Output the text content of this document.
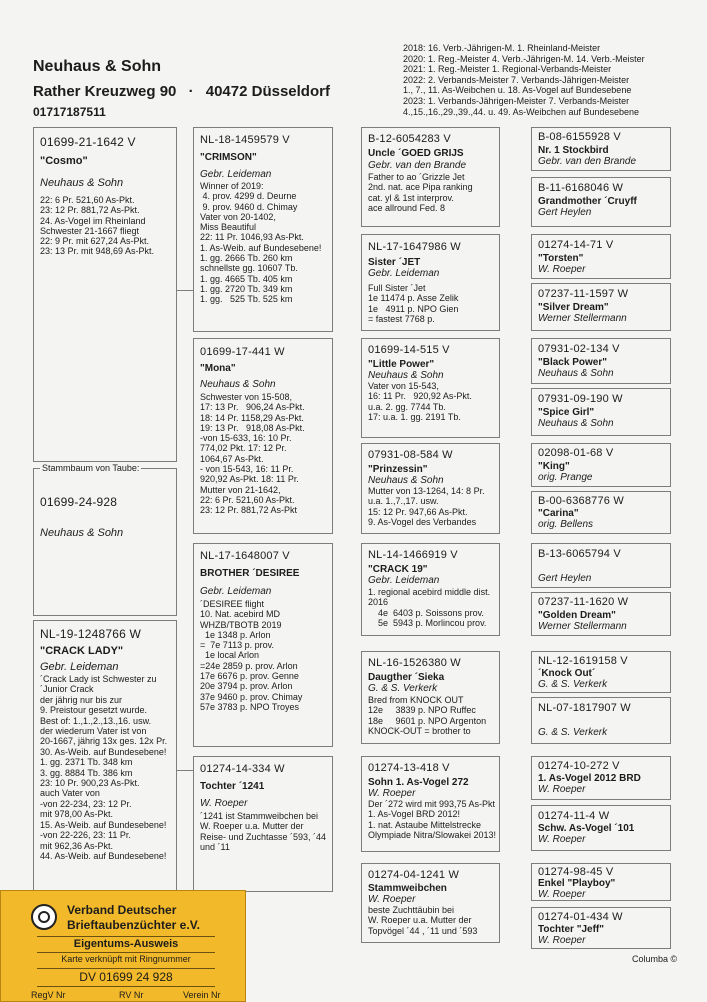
Neuhaus & Sohn
Rather Kreuzweg 90 · 40472 Düsseldorf
01717187511
2018: 16. Verb.-Jährigen-M. 1. Rheinland-Meister
2020: 1. Reg.-Meister 4. Verb.-Jährigen-M. 14. Verb.-Meister
2021: 1. Reg.-Meister 1. Regional-Verbands-Meister
2022: 2. Verbands-Meister 7. Verbands-Jährigen-Meister
1., 7., 11. As-Weibchen u. 18. As-Vogel auf Bundesebene
2023: 1. Verbands-Jährigen-Meister 7. Verbands-Meister
4.,15.,16.,29.,39.,44. u. 49. As-Weibchen auf Bundesebene
01699-21-1642 V
"Cosmo"
Neuhaus & Sohn
22: 6 Pr. 521,60 As-Pkt.
23: 12 Pr. 881,72 As-Pkt.
24. As-Vogel im Rheinland
Schwester 21-1667 fliegt
22: 9 Pr. mit 627,24 As-Pkt.
23: 13 Pr. mit 948,69 As-Pkt.
Stammbaum von Taube:
01699-24-928
Neuhaus & Sohn
NL-19-1248766 W
"CRACK LADY"
Gebr. Leideman
´Crack Lady ist Schwester zu
´Junior Crack
der jährig nur bis zur
9. Preistour gesetzt wurde.
Best of: 1.,1.,2.,13.,16. usw.
der wiederum Vater ist von
20-1667, jährig 13x ges. 12x Pr.
30. As-Weib. auf Bundesebene!
1. gg. 2371 Tb. 348 km
3. gg. 8884 Tb. 386 km
23: 10 Pr. 900,23 As-Pkt.
auch Vater von
-von 22-234, 23: 12 Pr.
mit 978,00 As-Pkt.
15. As-Weib. auf Bundesebene!
-von 22-226, 23: 11 Pr.
mit 962,36 As-Pkt.
44. As-Weib. auf Bundesebene!
NL-18-1459579 V
"CRIMSON"
Gebr. Leideman
Winner of 2019:
4. prov. 4299 d. Deurne
9. prov. 9460 d. Chimay
Vater von 20-1402,
Miss Beautiful
22: 11 Pr. 1046,93 As-Pkt.
1. As-Weib. auf Bundesebene!
1. gg. 2666 Tb. 260 km
schnellste gg. 10607 Tb.
1. gg. 4665 Tb. 405 km
1. gg. 2720 Tb. 349 km
1. gg.   525 Tb. 525 km
01699-17-441 W
"Mona"
Neuhaus & Sohn
Schwester von 15-508,
17: 13 Pr.   906,24 As-Pkt.
18: 14 Pr. 1158,29 As-Pkt.
19: 13 Pr.   918,08 As-Pkt.
-von 15-633, 16: 10 Pr.
774,02 Pkt. 17: 12 Pr.
1064,67 As-Pkt.
- von 15-543, 16: 11 Pr.
920,92 As-Pkt. 18: 11 Pr.
Mutter von 21-1642,
22: 6 Pr. 521,60 As-Pkt.
23: 12 Pr. 881,72 As-Pkt
NL-17-1648007 V
BROTHER ´DESIREE
Gebr. Leideman
´DESIREE flight
10. Nat. acebird MD
WHZB/TBOTB 2019
1e 1348 p. Arlon
=  7e 7113 p. prov.
1e local Arlon
=24e 2859 p. prov. Arlon
17e 6676 p. prov. Genne
20e 3794 p. prov. Arlon
37e 9460 p. prov. Chimay
57e 3783 p. NPO Troyes
01274-14-334 W
Tochter ´1241
W. Roeper
´1241 ist Stammweibchen bei
W. Roeper u.a. Mutter der
Reise- und Zuchtasse ´593, ´44
und ´11
B-12-6054283 V
Uncle ´GOED GRIJS
Gebr. van den Brande
Father to ao ´Grizzle Jet
2nd. nat. ace Pipa ranking
cat. yl & 1st interprov.
ace allround Fed. 8
NL-17-1647986 W
Sister ´JET
Gebr. Leideman
Full Sister ´Jet
1e 11474 p. Asse Zelik
1e   4911 p. NPO Gien
= fastest 7768 p.
01699-14-515 V
"Little Power"
Neuhaus & Sohn
Vater von 15-543,
16: 11 Pr.   920,92 As-Pkt.
u.a. 2. gg. 7744 Tb.
17: u.a. 1. gg. 2191 Tb.
07931-08-584 W
"Prinzessin"
Neuhaus & Sohn
Mutter von 13-1264, 14: 8 Pr.
u.a. 1.,7.,17. usw.
15: 12 Pr. 947,66 As-Pkt.
9. As-Vogel des Verbandes
NL-14-1466919 V
"CRACK 19"
Gebr. Leideman
1. regional acebird middle dist.
2016
4e  6403 p. Soissons prov.
5e  5943 p. Morlincou prov.
NL-16-1526380 W
Daugther ´Sieka
G. & S. Verkerk
Bred from KNOCK OUT
12e     3839 p. NPO Ruffec
18e     9601 p. NPO Argenton
KNOCK-OUT = brother to
01274-13-418 V
Sohn 1. As-Vogel 272
W. Roeper
Der ´272 wird mit 993,75 As-Pkt
1. As-Vogel BRD 2012!
1. nat. Astaube Mittelstrecke
Olympiade Nitra/Slowakei 2013!
01274-04-1241 W
Stammweibchen
W. Roeper
beste Zuchttäubin bei
W. Roeper u.a. Mutter der
Topvögel ´44 , ´11 und ´593
B-08-6155928 V
Nr. 1 Stockbird
Gebr. van den Brande
B-11-6168046 W
Grandmother ´Cruyff
Gert Heylen
01274-14-71 V
"Torsten"
W. Roeper
07237-11-1597 W
"Silver Dream"
Werner Stellermann
07931-02-134 V
"Black Power"
Neuhaus & Sohn
07931-09-190 W
"Spice Girl"
Neuhaus & Sohn
02098-01-68 V
"King"
orig. Prange
B-00-6368776 W
"Carina"
orig. Bellens
B-13-6065794 V
Gert Heylen
07237-11-1620 W
"Golden Dream"
Werner Stellermann
NL-12-1619158 V
´Knock Out´
G. & S. Verkerk
NL-07-1817907 W
G. & S. Verkerk
01274-10-272 V
1. As-Vogel 2012 BRD
W. Roeper
01274-11-4 W
Schw. As-Vogel ´101
W. Roeper
01274-98-45 V
Enkel "Playboy"
W. Roeper
01274-01-434 W
Tochter "Jeff"
W. Roeper
Columba ©
Verband Deutscher
Brieftaubenzüchter e.V.
Eigentums-Ausweis
Karte verknüpft mit Ringnummer
DV 01699 24 928
RegV Nr	RV Nr	Verein Nr
